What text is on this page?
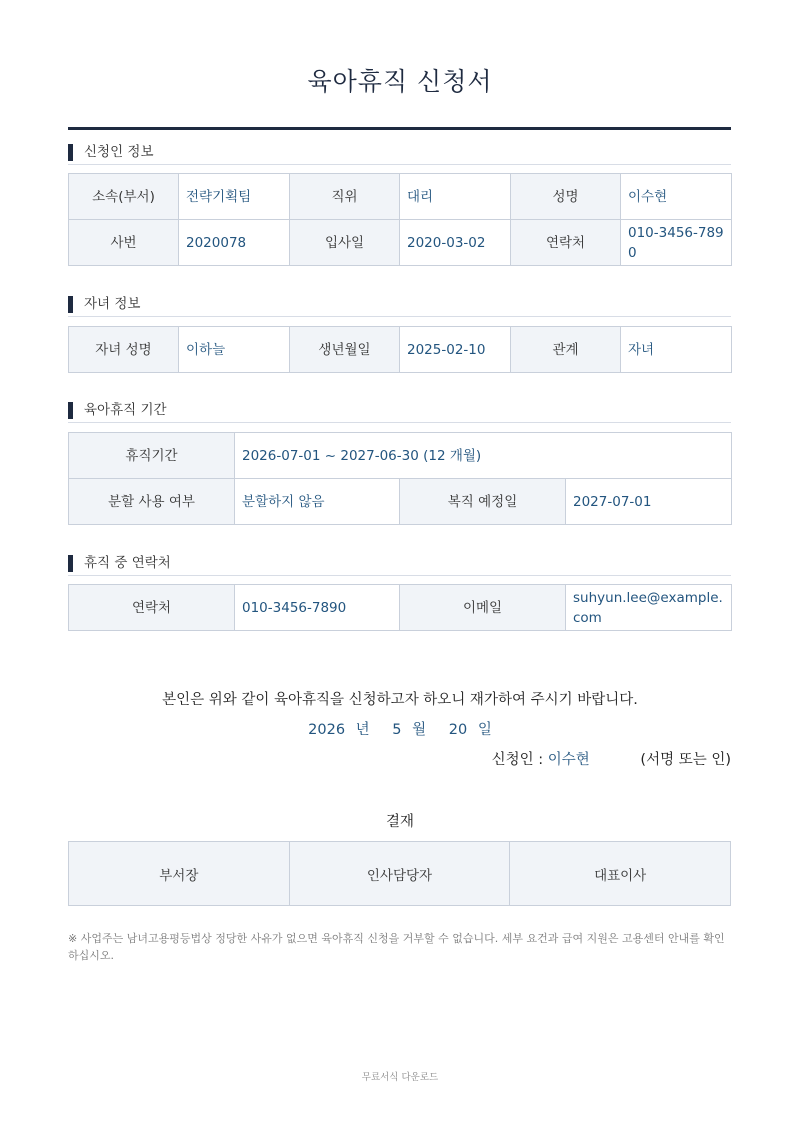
육아휴직 신청서
신청인 정보
소속(부서)	전략기획팀	직위	대리	성명	이수현
사번	2020078	입사일	2020-03-02	연락처	010-3456-7890
자녀 정보
자녀 성명	이하늘	생년월일	2025-02-10	관계	자녀
육아휴직 기간
휴직기간	2026-07-01 ~ 2027-06-30 (12 개월)		
분할 사용 여부	분할하지 않음	복직 예정일	2027-07-01
휴직 중 연락처
연락처	010-3456-7890	이메일	suhyun.lee@example.com
본인은 위와 같이 육아휴직을 신청하고자 하오니 재가하여 주시기 바랍니다.
2026 년 5 월 20 일
신청인 : 이수현	(서명 또는 인)
결재
부서장	인사담당자	대표이사
※ 사업주는 남녀고용평등법상 정당한 사유가 없으면 육아휴직 신청을 거부할 수 없습니다. 세부 요건과 급여 지원은 고용센터 안내를 확인하십시오.
무료서식 다운로드
